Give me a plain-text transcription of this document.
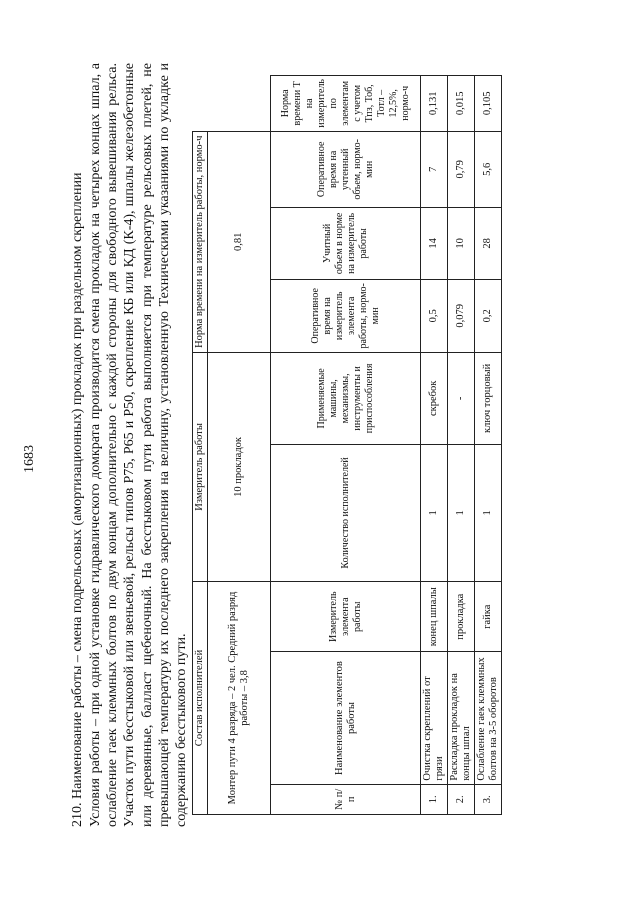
1683 210. Наименование работы – смена подрельсовых (амортизационных) прокладок при раздельном скреплении Условия работы – при одной установке гидравлического домкрата производится смена прокладок на четырех концах шпал, а ослабление гаек клеммных болтов по двум концам дополнительно с каждой стороны для свободного вывешивания рельса. Участок пути бесстыковой или звеньевой, рельсы типов Р75, Р65 и Р50, скрепление КБ или КД (К-4), шпалы железобетонные или деревянные, балласт щебеночный. На бесстыковом пути работа выполняется при температуре рельсовых плетей, не превышающей температуру их последнего закрепления на величину, установленную Техническими указаниями по укладке и содержанию бесстыкового пути. Состав исполнителей			Измеритель работы		Норма времени на измеритель работы, нормо-ч			
Монтер пути 4 разряда – 2 чел. Средний разряд работы – 3,8			10 прокладок		0,81			
№ п/п	Наименование элементов работы	Измеритель элемента работы	Количество исполнителей	Применяемые машины, механизмы, инструменты и приспособления	Оперативное время на измеритель элемента работы, нормо-мин	Учитный объем в норме на измеритель работы	Оперативное время на учтенный объем, нормо-мин	Норма времени Т на измеритель по элементам с учетом Тпз, Тоб, Тотл – 12,5%, нормо-ч
1.	Очистка скреплений от грязи	конец шпалы	1	скребок	0,5	14	7	0,131
2.	Раскладка прокладок на концы шпал	прокладка	1	-	0,079	10	0,79	0,015
3.	Ослабление гаек клеммных болтов на 3-5 оборотов	гайка	1	ключ торцовый	0,2	28	5,6	0,105
